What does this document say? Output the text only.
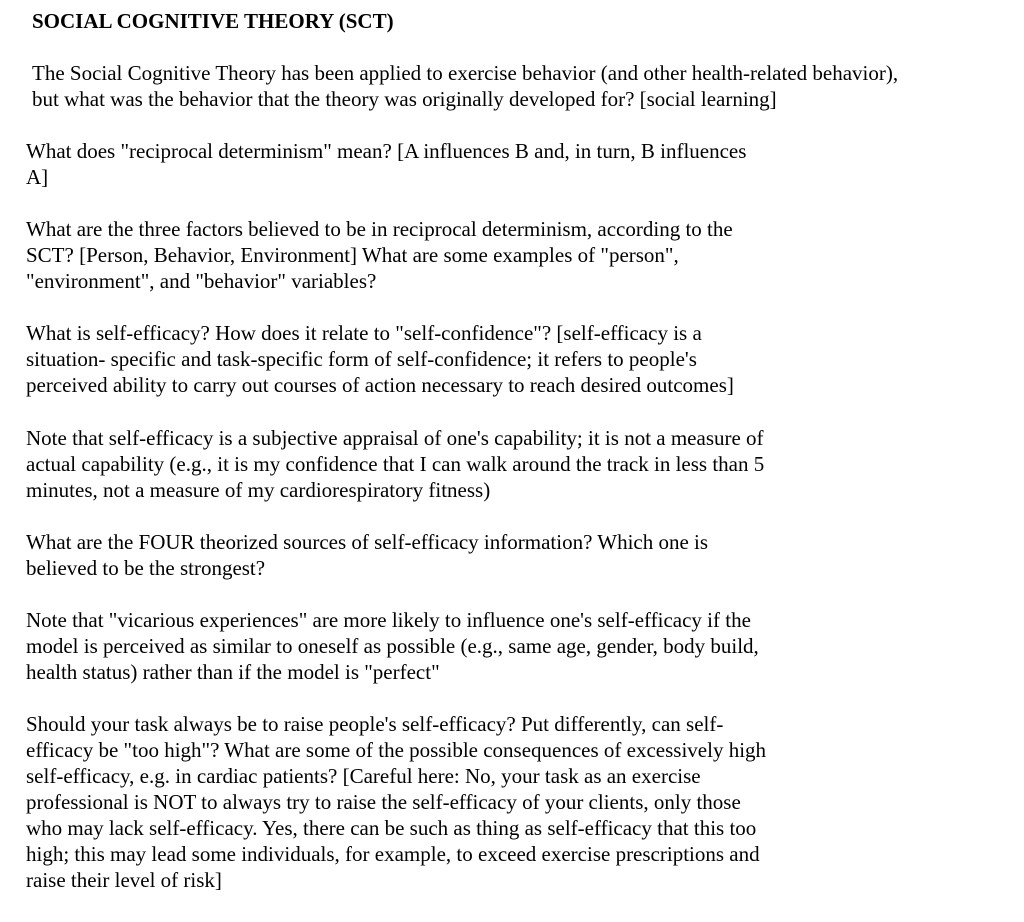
SOCIAL COGNITIVE THEORY (SCT)

The Social Cognitive Theory has been applied to exercise behavior (and other health-related behavior),
but what was the behavior that the theory was originally developed for? [social learning]

What does "reciprocal determinism" mean? [A influences B and, in turn, B influences
A]

What are the three factors believed to be in reciprocal determinism, according to the
SCT? [Person, Behavior, Environment] What are some examples of "person",
"environment", and "behavior" variables?

What is self-efficacy? How does it relate to "self-confidence"? [self-efficacy is a
situation- specific and task-specific form of self-confidence; it refers to people's
perceived ability to carry out courses of action necessary to reach desired outcomes]

Note that self-efficacy is a subjective appraisal of one's capability; it is not a measure of
actual capability (e.g., it is my confidence that I can walk around the track in less than 5
minutes, not a measure of my cardiorespiratory fitness)

What are the FOUR theorized sources of self-efficacy information? Which one is
believed to be the strongest?

Note that "vicarious experiences" are more likely to influence one's self-efficacy if the
model is perceived as similar to oneself as possible (e.g., same age, gender, body build,
health status) rather than if the model is "perfect"

Should your task always be to raise people's self-efficacy? Put differently, can self-
efficacy be "too high"? What are some of the possible consequences of excessively high
self-efficacy, e.g. in cardiac patients? [Careful here: No, your task as an exercise
professional is NOT to always try to raise the self-efficacy of your clients, only those
who may lack self-efficacy. Yes, there can be such as thing as self-efficacy that this too
high; this may lead some individuals, for example, to exceed exercise prescriptions and
raise their level of risk]
